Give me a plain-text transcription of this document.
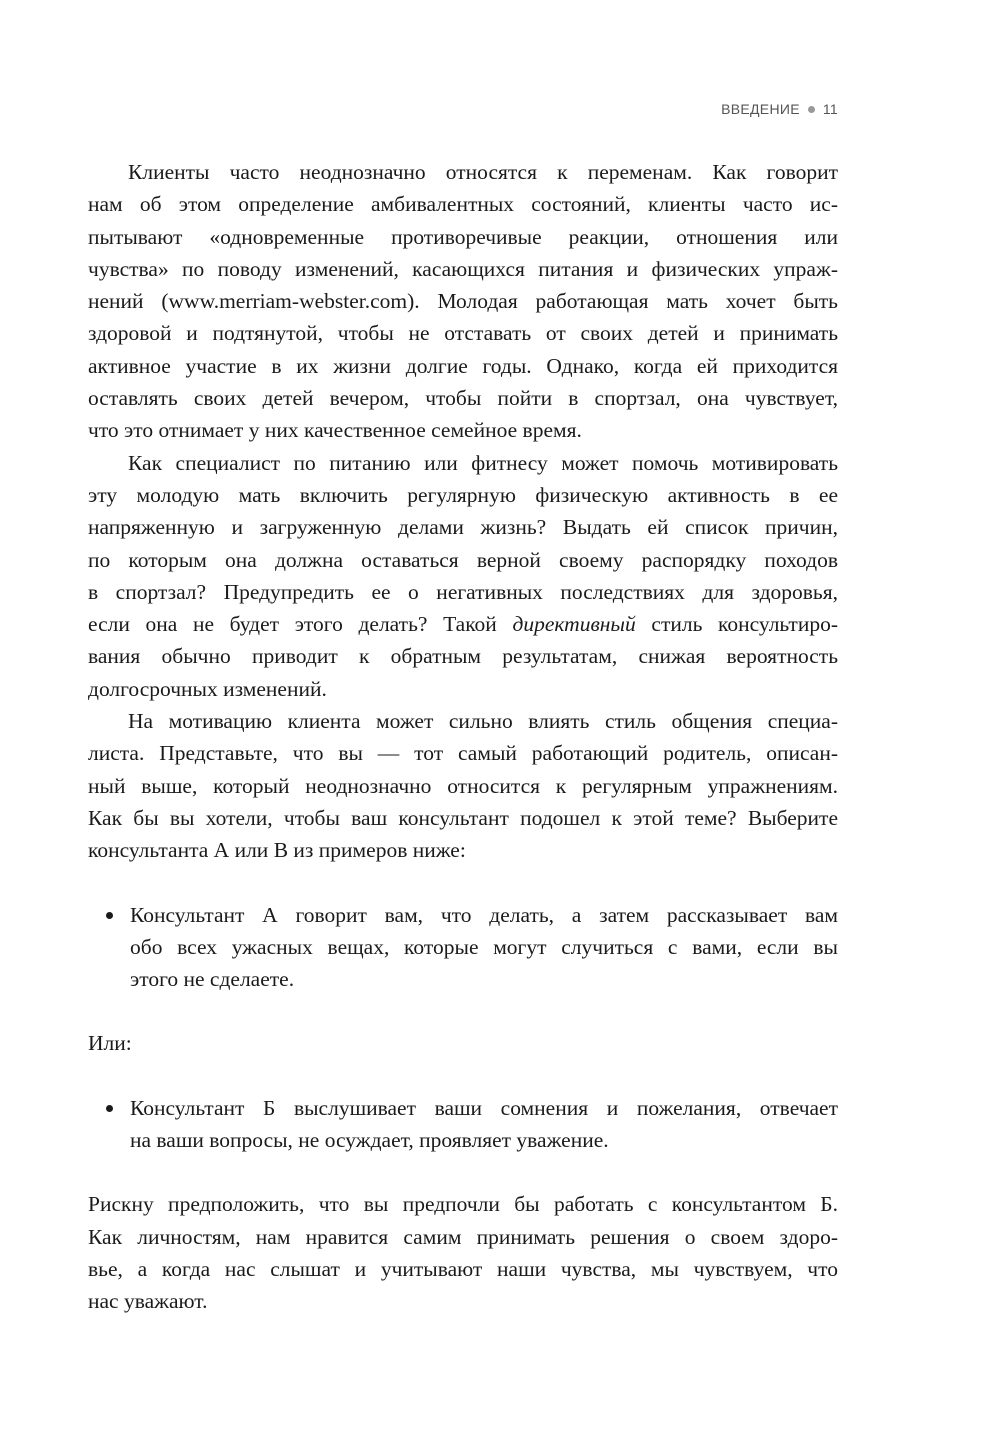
ВВЕДЕНИЕ 11
Клиенты часто неоднозначно относятся к переменам. Как говорит
нам об этом определение амбивалентных состояний, клиенты часто ис-
пытывают «одновременные противоречивые реакции, отношения или
чувства» по поводу изменений, касающихся питания и физических упраж-
нений (www.merriam-webster.com). Молодая работающая мать хочет быть
здоровой и подтянутой, чтобы не отставать от своих детей и принимать
активное участие в их жизни долгие годы. Однако, когда ей приходится
оставлять своих детей вечером, чтобы пойти в спортзал, она чувствует,
что это отнимает у них качественное семейное время.
Как специалист по питанию или фитнесу может помочь мотивировать
эту молодую мать включить регулярную физическую активность в ее
напряженную и загруженную делами жизнь? Выдать ей список причин,
по которым она должна оставаться верной своему распорядку походов
в спортзал? Предупредить ее о негативных последствиях для здоровья,
если она не будет этого делать? Такой директивный стиль консультиро-
вания обычно приводит к обратным результатам, снижая вероятность
долгосрочных изменений.
На мотивацию клиента может сильно влиять стиль общения специа-
листа. Представьте, что вы — тот самый работающий родитель, описан-
ный выше, который неоднозначно относится к регулярным упражнениям.
Как бы вы хотели, чтобы ваш консультант подошел к этой теме? Выберите
консультанта А или В из примеров ниже:
Консультант А говорит вам, что делать, а затем рассказывает вам
обо всех ужасных вещах, которые могут случиться с вами, если вы
этого не сделаете.
Или:
Консультант Б выслушивает ваши сомнения и пожелания, отвечает
на ваши вопросы, не осуждает, проявляет уважение.
Рискну предположить, что вы предпочли бы работать с консультантом Б.
Как личностям, нам нравится самим принимать решения о своем здоро-
вье, а когда нас слышат и учитывают наши чувства, мы чувствуем, что
нас уважают.
